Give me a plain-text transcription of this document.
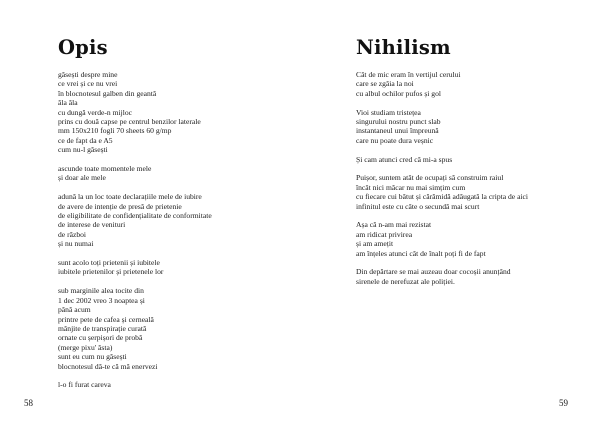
Opis
găsești despre mine
ce vrei și ce nu vrei
în blocnotesul galben din geantă
ăla ăla
cu dungă verde-n mijloc
prins cu două capse pe centrul benzilor laterale
mm 150x210 fogli 70 sheets 60 g/mp
ce de fapt da e A5
cum nu-l găsești
ascunde toate momentele mele
și doar ale mele
adună la un loc toate declarațiile mele de iubire
de avere de intenție de presă de prietenie
de eligibilitate de confidențialitate de conformitate
de interese de venituri
de război
și nu numai
sunt acolo toți prietenii și iubitele
iubitele prietenilor și prietenele lor
sub marginile alea tocite din
1 dec 2002 vreo 3 noaptea și
până acum
printre pete de cafea și cerneală
mânjite de transpirație curată
ornate cu șerpișori de probă
(merge pixu' ăsta)
sunt eu cum nu găsești
blocnotesul dă-te că mă enervezi
l-o fi furat careva
58
Nihilism
Cât de mic eram în vertijul cerului
care se zgâia la noi
cu albul ochilor pufos și gol
Vioi studiam tristețea
singurului nostru punct slab
instantaneul unui împreună
care nu poate dura veșnic
Și cam atunci cred că mi-a spus
Puișor, suntem atât de ocupați să construim raiul
încât nici măcar nu mai simțim cum
cu fiecare cui bătut și cărămidă adăugată la cripta de aici
infinitul este cu câte o secundă mai scurt
Așa că n-am mai rezistat
am ridicat privirea
și am amețit
am înțeles atunci cât de înalt poți fi de fapt
Din depărtare se mai auzeau doar cocoșii anunțând
sirenele de nerefuzat ale poliției.
59
